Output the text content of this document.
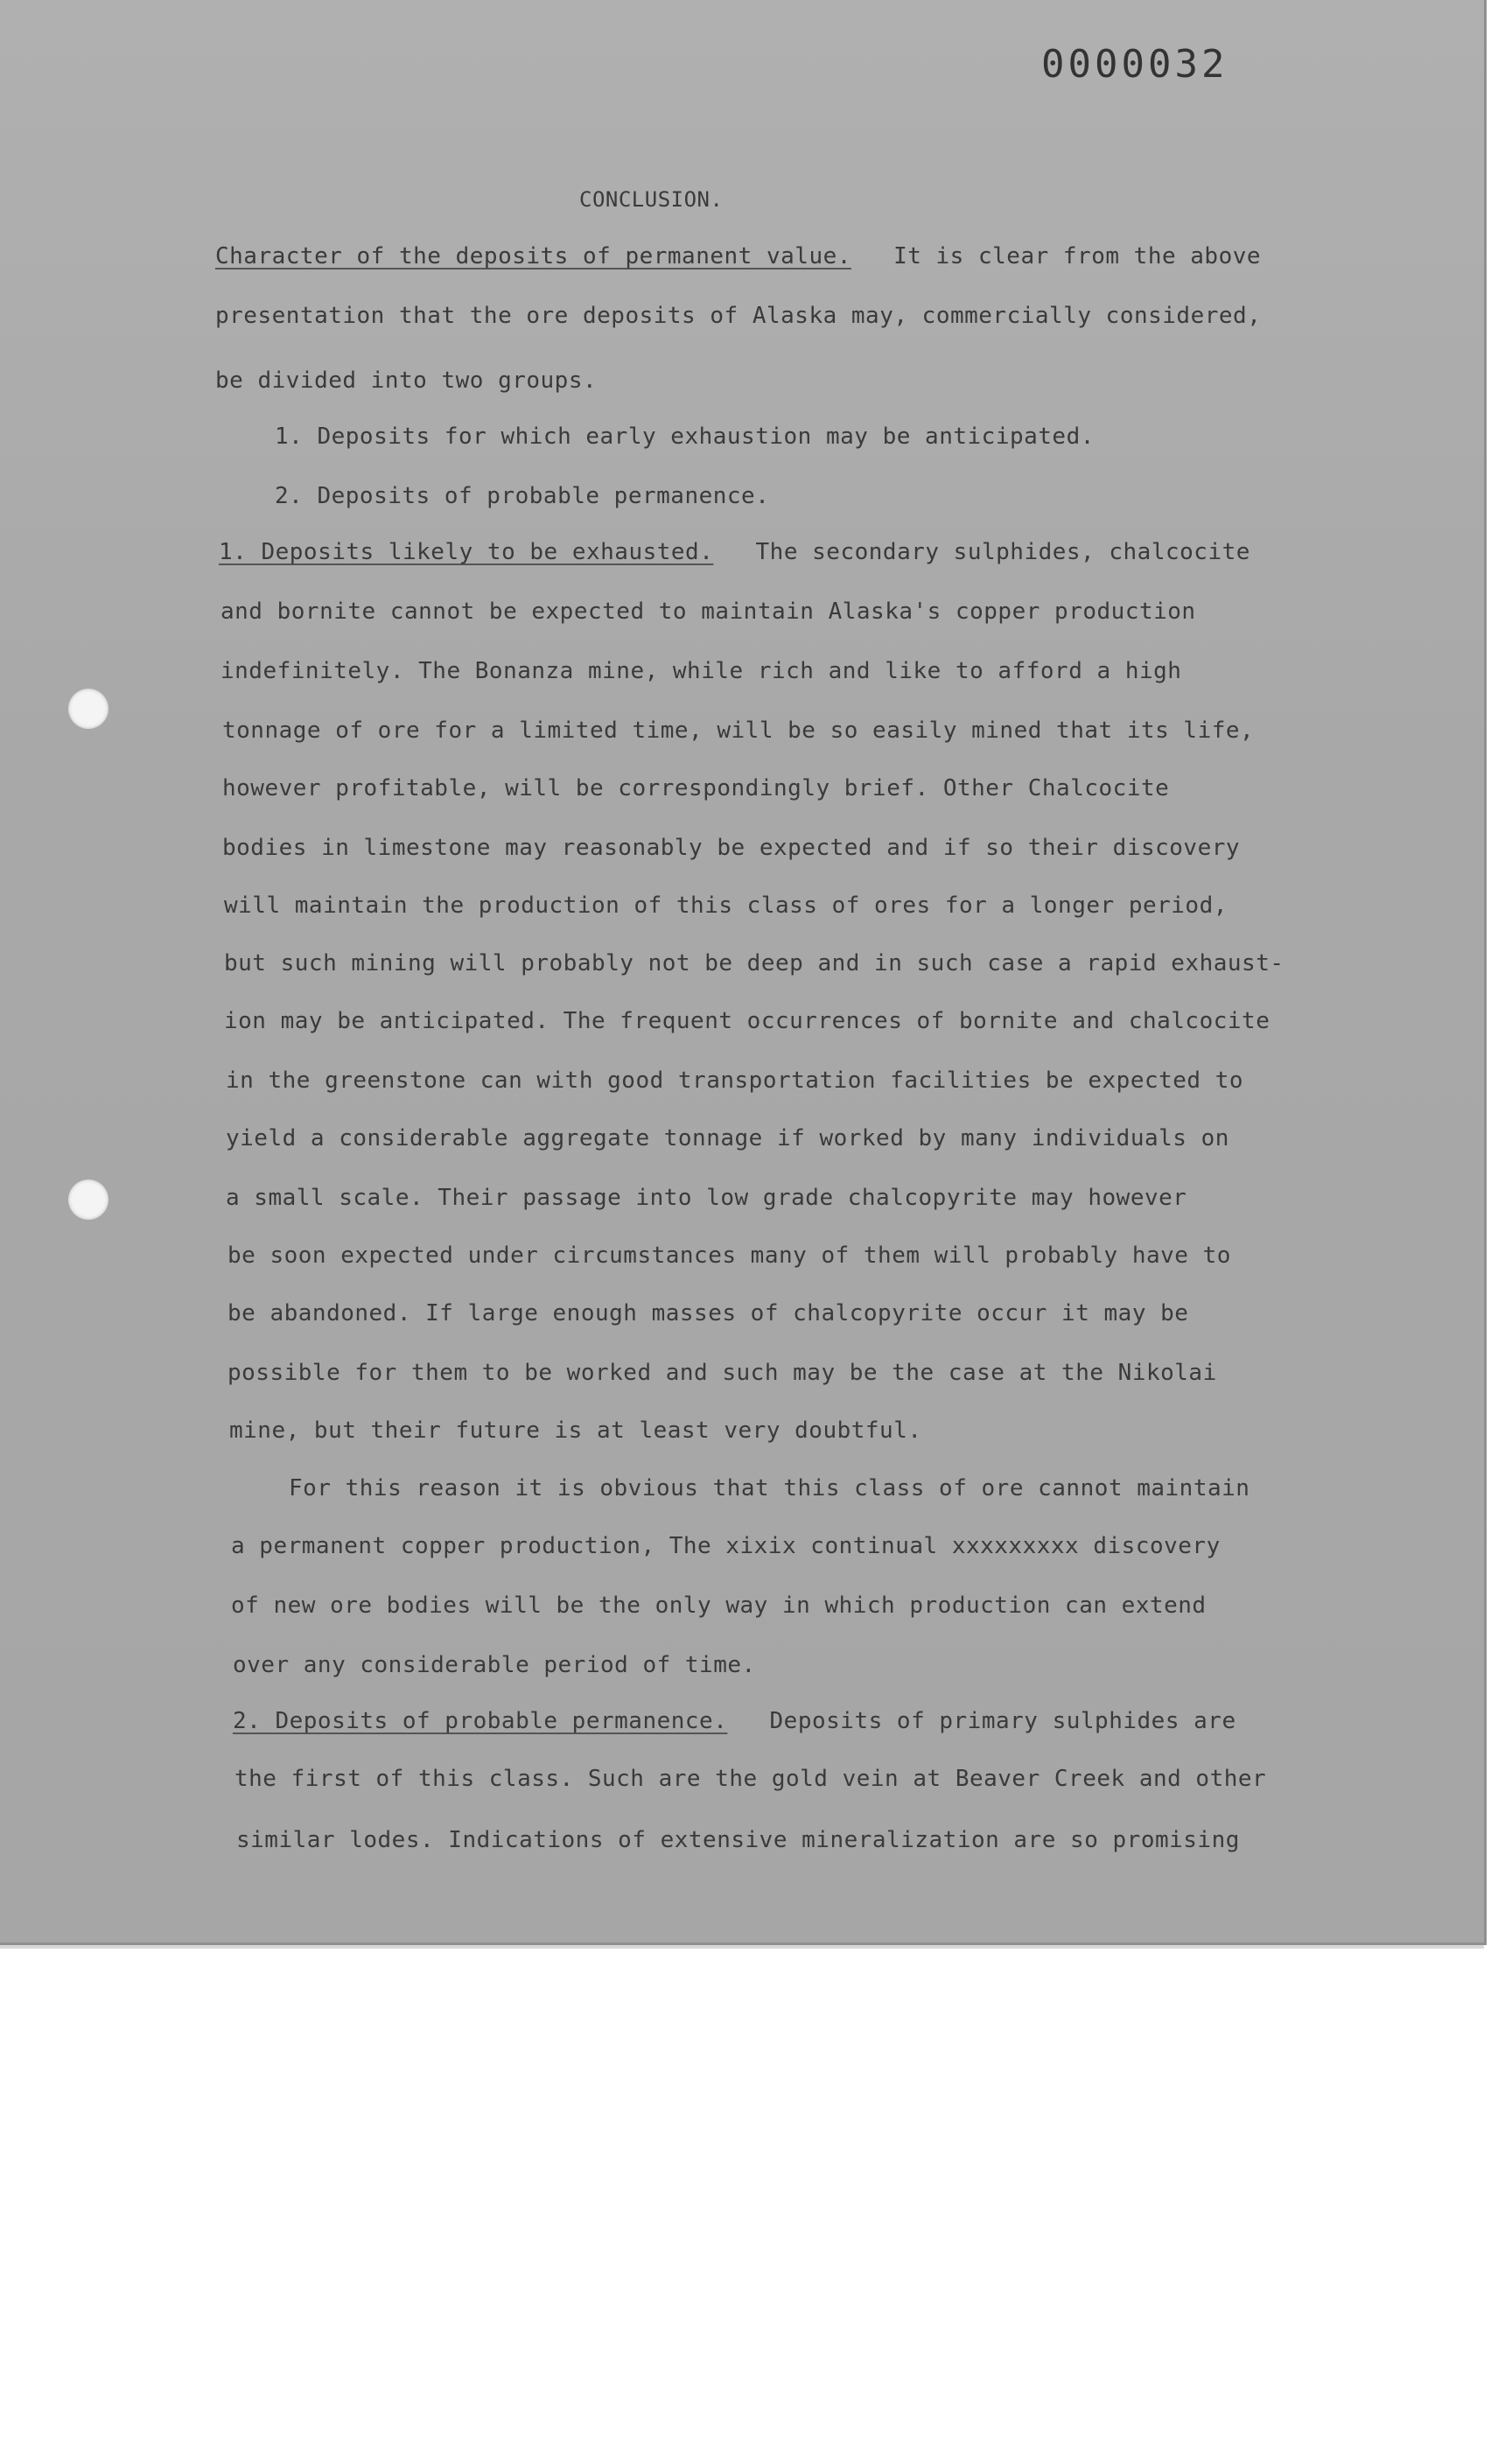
0000032
CONCLUSION.
Character of the deposits of permanent value. It is clear from the above
presentation that the ore deposits of Alaska may, commercially considered,
be divided into two groups.
1. Deposits for which early exhaustion may be anticipated.
2. Deposits of probable permanence.
1. Deposits likely to be exhausted. The secondary sulphides, chalcocite
and bornite cannot be expected to maintain Alaska's copper production
indefinitely. The Bonanza mine, while rich and like to afford a high
tonnage of ore for a limited time, will be so easily mined that its life,
however profitable, will be correspondingly brief. Other Chalcocite
bodies in limestone may reasonably be expected and if so their discovery
will maintain the production of this class of ores for a longer period,
but such mining will probably not be deep and in such case a rapid exhaust-
ion may be anticipated. The frequent occurrences of bornite and chalcocite
in the greenstone can with good transportation facilities be expected to
yield a considerable aggregate tonnage if worked by many individuals on
a small scale. Their passage into low grade chalcopyrite may however
be soon expected under circumstances many of them will probably have to
be abandoned. If large enough masses of chalcopyrite occur it may be
possible for them to be worked and such may be the case at the Nikolai
mine, but their future is at least very doubtful.
For this reason it is obvious that this class of ore cannot maintain
a permanent copper production, The xixix continual xxxxxxxxx discovery
of new ore bodies will be the only way in which production can extend
over any considerable period of time.
2. Deposits of probable permanence. Deposits of primary sulphides are
the first of this class. Such are the gold vein at Beaver Creek and other
similar lodes. Indications of extensive mineralization are so promising
